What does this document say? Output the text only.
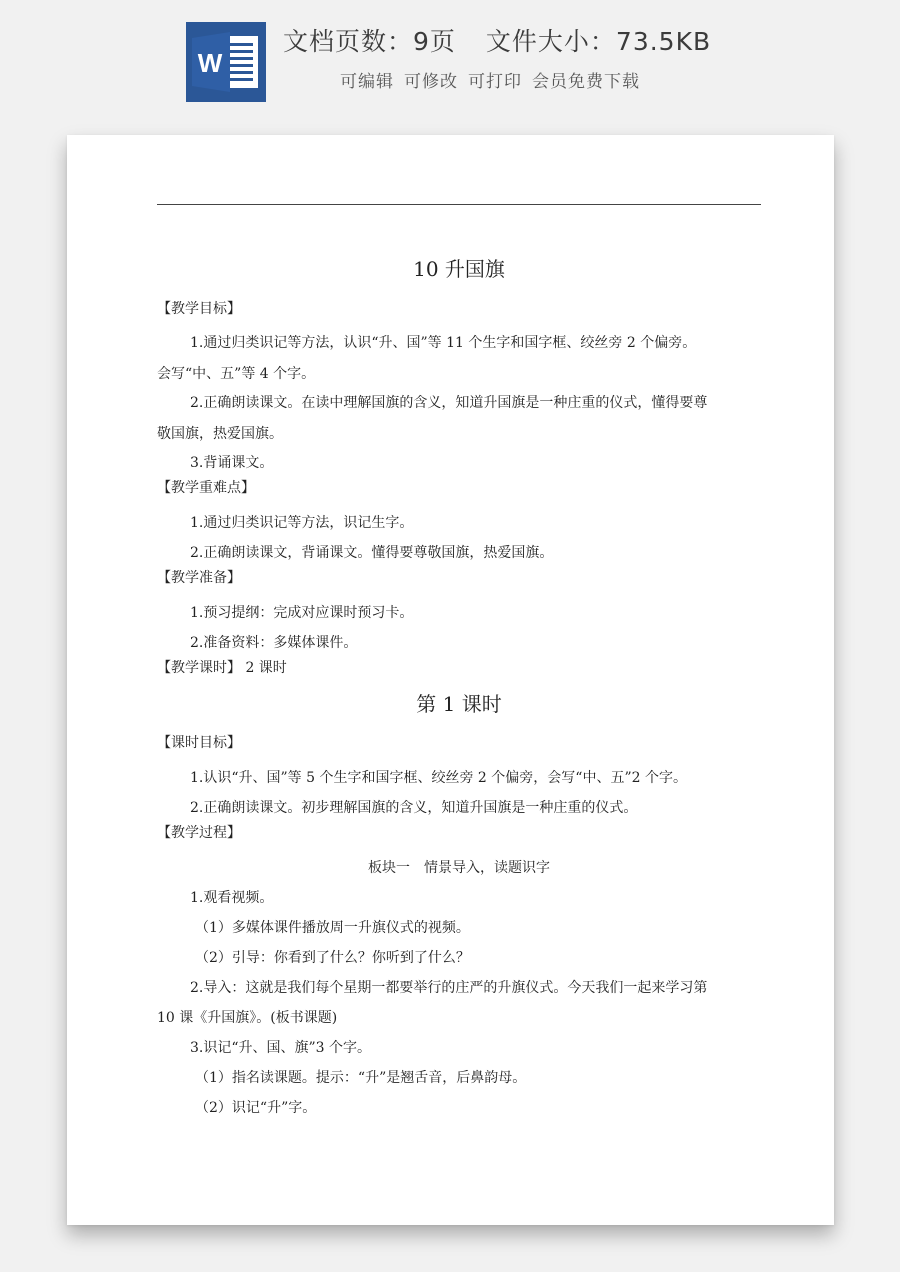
W
文档页数：9页 文件大小：73.5KB
可编辑 可修改 可打印 会员免费下载
10 升国旗
【教学目标】
1.通过归类识记等方法，认识“升、国”等 11 个生字和国字框、绞丝旁 2 个偏旁。
会写“中、五”等 4 个字。
2.正确朗读课文。在读中理解国旗的含义，知道升国旗是一种庄重的仪式，懂得要尊
敬国旗，热爱国旗。
3.背诵课文。
【教学重难点】
1.通过归类识记等方法，识记生字。
2.正确朗读课文，背诵课文。懂得要尊敬国旗，热爱国旗。
【教学准备】
1.预习提纲：完成对应课时预习卡。
2.准备资料：多媒体课件。
【教学课时】 2 课时
第 1 课时
【课时目标】
1.认识“升、国”等 5 个生字和国字框、绞丝旁 2 个偏旁，会写“中、五”2 个字。
2.正确朗读课文。初步理解国旗的含义，知道升国旗是一种庄重的仪式。
【教学过程】
板块一　情景导入，读题识字
1.观看视频。
（1）多媒体课件播放周一升旗仪式的视频。
（2）引导：你看到了什么？你听到了什么？
2.导入：这就是我们每个星期一都要举行的庄严的升旗仪式。今天我们一起来学习第
10 课《升国旗》。(板书课题)
3.识记“升、国、旗”3 个字。
（1）指名读课题。提示：“升”是翘舌音，后鼻韵母。
（2）识记“升”字。
